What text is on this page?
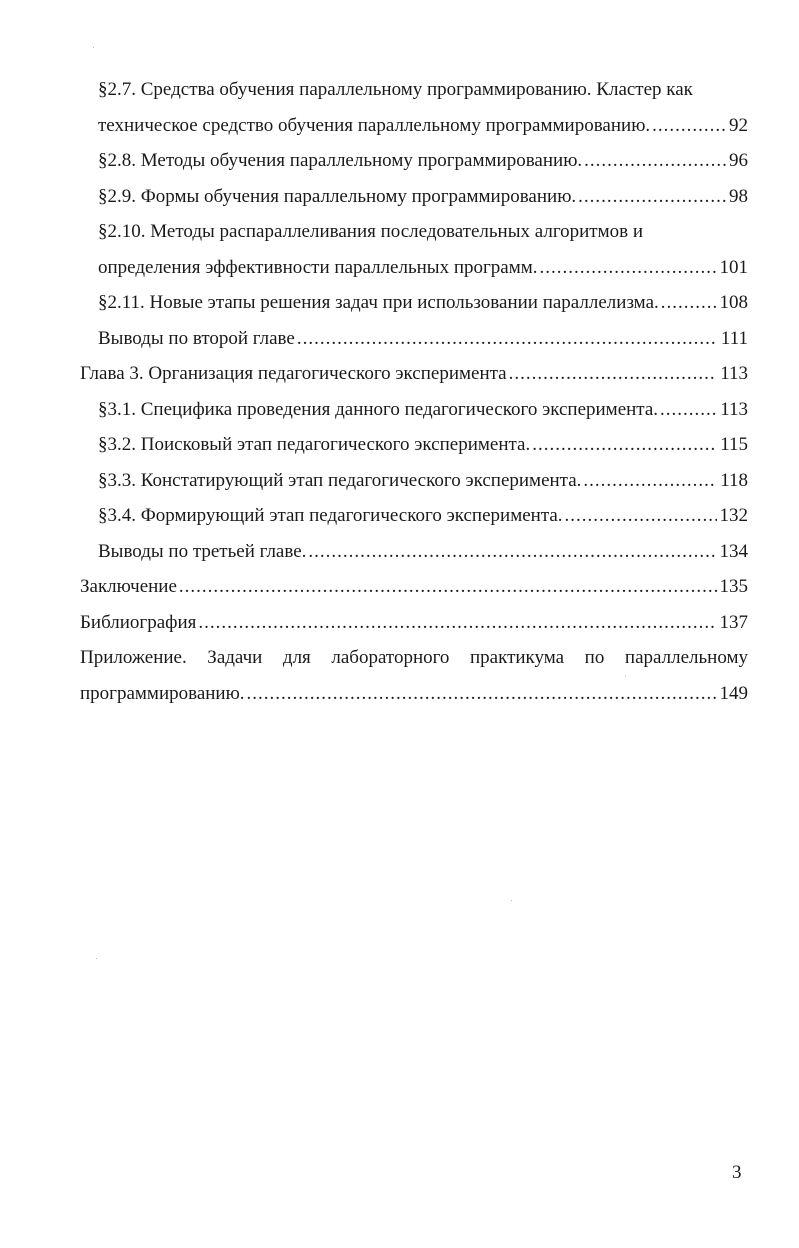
§2.7. Средства обучения параллельному программированию. Кластер как
техническое средство обучения параллельному программированию. .....	92
§2.8. Методы обучения параллельному программированию. .....	96
§2.9. Формы обучения параллельному программированию. .....	98
§2.10. Методы распараллеливания последовательных алгоритмов и
определения эффективности параллельных программ. .....	101
§2.11. Новые этапы решения задач при использовании параллелизма. .....	108
Выводы по второй главе .....	111
Глава 3. Организация педагогического эксперимента .....	113
§3.1. Специфика проведения данного педагогического эксперимента. .....	113
§3.2. Поисковый этап педагогического эксперимента. .....	115
§3.3. Констатирующий этап педагогического эксперимента. .....	118
§3.4. Формирующий этап педагогического эксперимента. .....	132
Выводы по третьей главе. .....	134
Заключение .....	135
Библиография .....	137
Приложение. Задачи для лабораторного практикума по параллельному
программированию. .....	149
3
